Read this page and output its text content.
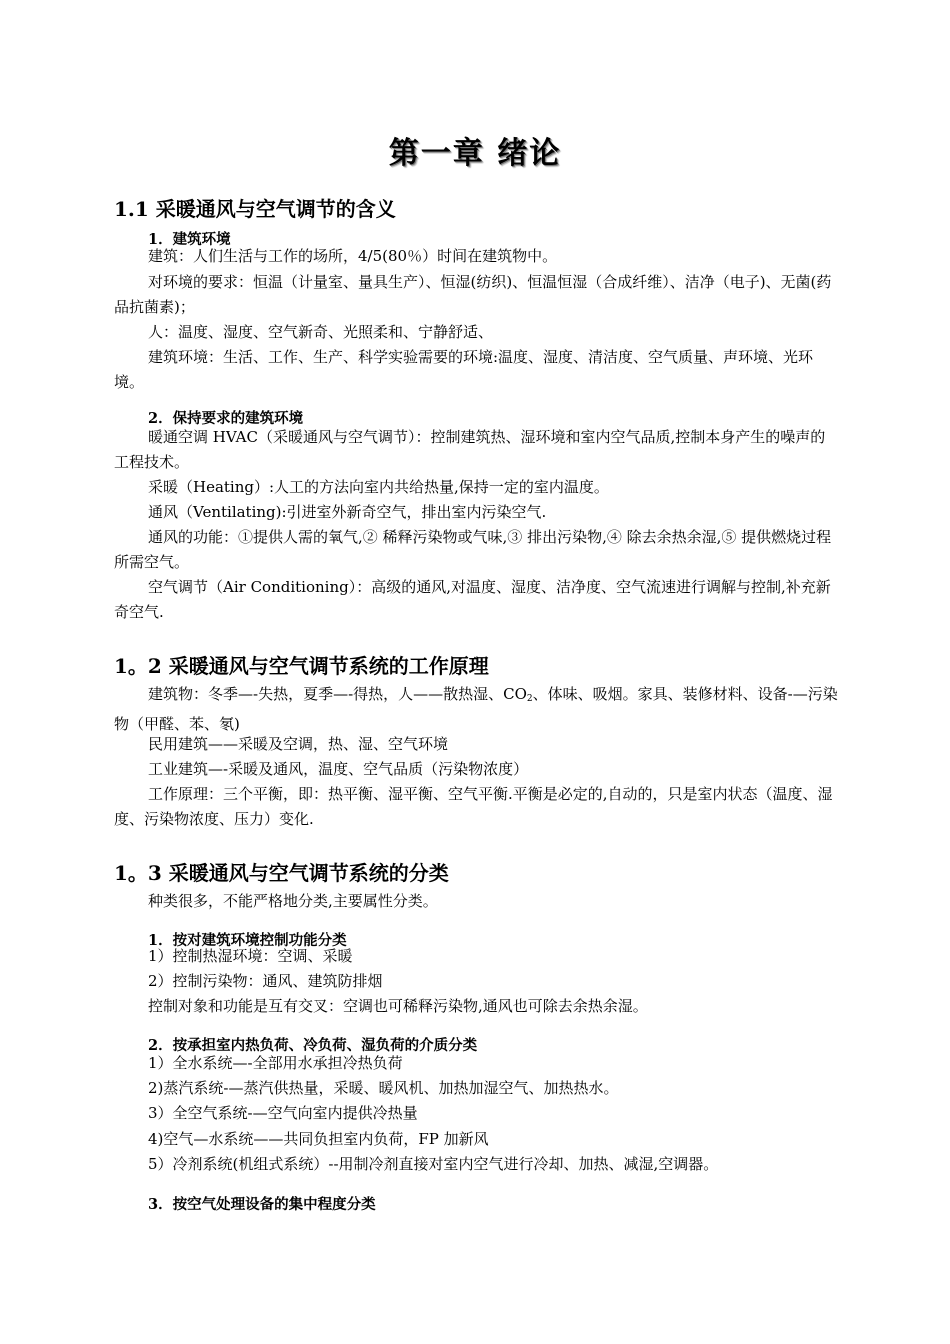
第一章 绪论
1.1 采暖通风与空气调节的含义
1．建筑环境
建筑：人们生活与工作的场所，4/5(80％）时间在建筑物中。
对环境的要求：恒温（计量室、量具生产）、恒湿(纺织)、恒温恒湿（合成纤维）、洁净（电子)、无菌(药品抗菌素)；
人：温度、湿度、空气新奇、光照柔和、宁静舒适、
建筑环境：生活、工作、生产、科学实验需要的环境:温度、湿度、清洁度、空气质量、声环境、光环境。
2．保持要求的建筑环境
暖通空调 HVAC（采暖通风与空气调节）：控制建筑热、湿环境和室内空气品质,控制本身产生的噪声的工程技术。
采暖（Heating）:人工的方法向室内共给热量,保持一定的室内温度。
通风（Ventilating):引进室外新奇空气，排出室内污染空气.
通风的功能：①提供人需的氧气,② 稀释污染物或气味,③ 排出污染物,④ 除去余热余湿,⑤ 提供燃烧过程所需空气。
空气调节（Air Conditioning）：高级的通风,对温度、湿度、洁净度、空气流速进行调解与控制,补充新奇空气.
1。2 采暖通风与空气调节系统的工作原理
建筑物：冬季—-失热，夏季—-得热，人——散热湿、$CO_2$、体味、吸烟。家具、装修材料、设备-—污染物（甲醛、苯、氡)
民用建筑——采暖及空调，热、湿、空气环境
工业建筑—-采暖及通风，温度、空气品质（污染物浓度）
工作原理：三个平衡，即：热平衡、湿平衡、空气平衡.平衡是必定的,自动的，只是室内状态（温度、湿度、污染物浓度、压力）变化.
1。3 采暖通风与空气调节系统的分类
种类很多，不能严格地分类,主要属性分类。
1．按对建筑环境控制功能分类
1）控制热湿环境：空调、采暖
2）控制污染物：通风、建筑防排烟
控制对象和功能是互有交叉：空调也可稀释污染物,通风也可除去余热余湿。
2．按承担室内热负荷、冷负荷、湿负荷的介质分类
1）全水系统—-全部用水承担冷热负荷
2)蒸汽系统-—蒸汽供热量，采暖、暖风机、加热加湿空气、加热热水。
3）全空气系统-—空气向室内提供冷热量
4)空气—水系统——共同负担室内负荷，FP 加新风
5）冷剂系统(机组式系统）--用制冷剂直接对室内空气进行冷却、加热、减湿,空调器。
3．按空气处理设备的集中程度分类
